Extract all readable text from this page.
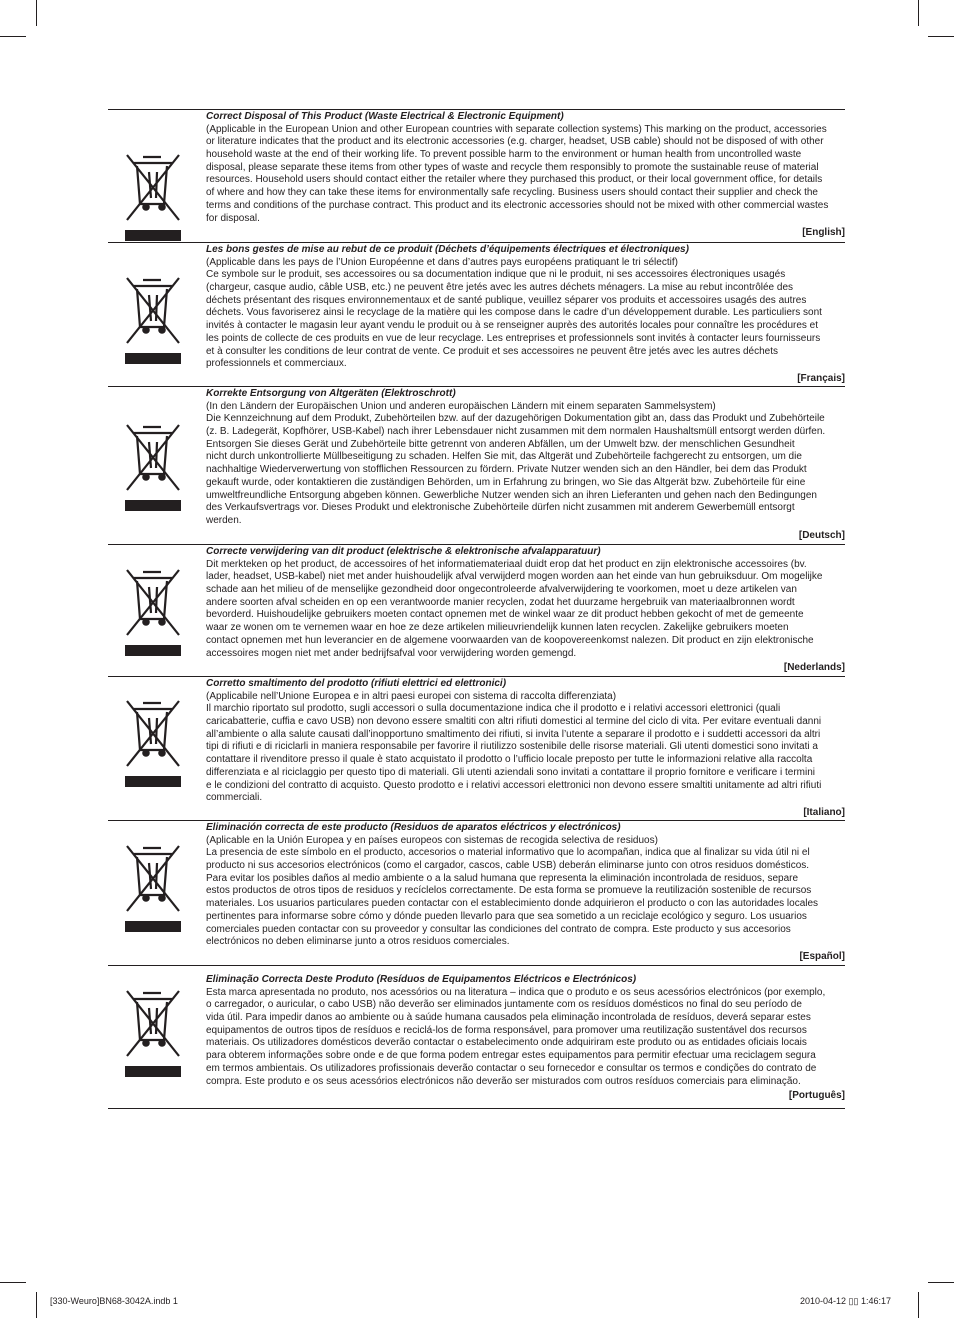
Correct Disposal of This Product (Waste Electrical & Electronic Equipment)
(Applicable in the European Union and other European countries with separate collection systems) This marking on the product, accessories
or literature indicates that the product and its electronic accessories (e.g. charger, headset, USB cable) should not be disposed of with other
household waste at the end of their working life. To prevent possible harm to the environment or human health from uncontrolled waste
disposal, please separate these items from other types of waste and recycle them responsibly to promote the sustainable reuse of material
resources. Household users should contact either the retailer where they purchased this product, or their local government office, for details
of where and how they can take these items for environmentally safe recycling. Business users should contact their supplier and check the
terms and conditions of the purchase contract. This product and its electronic accessories should not be mixed with other commercial wastes
for disposal.
[English]
Les bons gestes de mise au rebut de ce produit (Déchets d’équipements électriques et électroniques)
(Applicable dans les pays de l’Union Européenne et dans d’autres pays européens pratiquant le tri sélectif)
Ce symbole sur le produit, ses accessoires ou sa documentation indique que ni le produit, ni ses accessoires électroniques usagés
(chargeur, casque audio, câble USB, etc.) ne peuvent être jetés avec les autres déchets ménagers. La mise au rebut incontrôlée des
déchets présentant des risques environnementaux et de santé publique, veuillez séparer vos produits et accessoires usagés des autres
déchets. Vous favoriserez ainsi le recyclage de la matière qui les compose dans le cadre d’un développement durable. Les particuliers sont
invités à contacter le magasin leur ayant vendu le produit ou à se renseigner auprès des autorités locales pour connaître les procédures et
les points de collecte de ces produits en vue de leur recyclage. Les entreprises et professionnels sont invités à contacter leurs fournisseurs
et à consulter les conditions de leur contrat de vente. Ce produit et ses accessoires ne peuvent être jetés avec les autres déchets
professionnels et commerciaux.
[Français]
Korrekte Entsorgung von Altgeräten (Elektroschrott)
(In den Ländern der Europäischen Union und anderen europäischen Ländern mit einem separaten Sammelsystem)
Die Kennzeichnung auf dem Produkt, Zubehörteilen bzw. auf der dazugehörigen Dokumentation gibt an, dass das Produkt und Zubehörteile
(z. B. Ladegerät, Kopfhörer, USB-Kabel) nach ihrer Lebensdauer nicht zusammen mit dem normalen Haushaltsmüll entsorgt werden dürfen.
Entsorgen Sie dieses Gerät und Zubehörteile bitte getrennt von anderen Abfällen, um der Umwelt bzw. der menschlichen Gesundheit
nicht durch unkontrollierte Müllbeseitigung zu schaden. Helfen Sie mit, das Altgerät und Zubehörteile fachgerecht zu entsorgen, um die
nachhaltige Wiederverwertung von stofflichen Ressourcen zu fördern. Private Nutzer wenden sich an den Händler, bei dem das Produkt
gekauft wurde, oder kontaktieren die zuständigen Behörden, um in Erfahrung zu bringen, wo Sie das Altgerät bzw. Zubehörteile für eine
umweltfreundliche Entsorgung abgeben können. Gewerbliche Nutzer wenden sich an ihren Lieferanten und gehen nach den Bedingungen
des Verkaufsvertrags vor. Dieses Produkt und elektronische Zubehörteile dürfen nicht zusammen mit anderem Gewerbemüll entsorgt
werden.
[Deutsch]
Correcte verwijdering van dit product (elektrische & elektronische afvalapparatuur)
Dit merkteken op het product, de accessoires of het informatiemateriaal duidt erop dat het product en zijn elektronische accessoires (bv.
lader, headset, USB-kabel) niet met ander huishoudelijk afval verwijderd mogen worden aan het einde van hun gebruiksduur. Om mogelijke
schade aan het milieu of de menselijke gezondheid door ongecontroleerde afvalverwijdering te voorkomen, moet u deze artikelen van
andere soorten afval scheiden en op een verantwoorde manier recyclen, zodat het duurzame hergebruik van materiaalbronnen wordt
bevorderd. Huishoudelijke gebruikers moeten contact opnemen met de winkel waar ze dit product hebben gekocht of met de gemeente
waar ze wonen om te vernemen waar en hoe ze deze artikelen milieuvriendelijk kunnen laten recyclen. Zakelijke gebruikers moeten
contact opnemen met hun leverancier en de algemene voorwaarden van de koopovereenkomst nalezen. Dit product en zijn elektronische
accessoires mogen niet met ander bedrijfsafval voor verwijdering worden gemengd.
[Nederlands]
Corretto smaltimento del prodotto (rifiuti elettrici ed elettronici)
(Applicabile nell’Unione Europea e in altri paesi europei con sistema di raccolta differenziata)
Il marchio riportato sul prodotto, sugli accessori o sulla documentazione indica che il prodotto e i relativi accessori elettronici (quali
caricabatterie, cuffia e cavo USB) non devono essere smaltiti con altri rifiuti domestici al termine del ciclo di vita. Per evitare eventuali danni
all’ambiente o alla salute causati dall’inopportuno smaltimento dei rifiuti, si invita l’utente a separare il prodotto e i suddetti accessori da altri
tipi di rifiuti e di riciclarli in maniera responsabile per favorire il riutilizzo sostenibile delle risorse materiali. Gli utenti domestici sono invitati a
contattare il rivenditore presso il quale è stato acquistato il prodotto o l’ufficio locale preposto per tutte le informazioni relative alla raccolta
differenziata e al riciclaggio per questo tipo di materiali. Gli utenti aziendali sono invitati a contattare il proprio fornitore e verificare i termini
e le condizioni del contratto di acquisto. Questo prodotto e i relativi accessori elettronici non devono essere smaltiti unitamente ad altri rifiuti
commerciali.
[Italiano]
Eliminación correcta de este producto (Residuos de aparatos eléctricos y electrónicos)
(Aplicable en la Unión Europea y en países europeos con sistemas de recogida selectiva de residuos)
La presencia de este símbolo en el producto, accesorios o material informativo que lo acompañan, indica que al finalizar su vida útil ni el
producto ni sus accesorios electrónicos (como el cargador, cascos, cable USB) deberán eliminarse junto con otros residuos domésticos.
Para evitar los posibles daños al medio ambiente o a la salud humana que representa la eliminación incontrolada de residuos, separe
estos productos de otros tipos de residuos y recíclelos correctamente. De esta forma se promueve la reutilización sostenible de recursos
materiales. Los usuarios particulares pueden contactar con el establecimiento donde adquirieron el producto o con las autoridades locales
pertinentes para informarse sobre cómo y dónde pueden llevarlo para que sea sometido a un reciclaje ecológico y seguro. Los usuarios
comerciales pueden contactar con su proveedor y consultar las condiciones del contrato de compra. Este producto y sus accesorios
electrónicos no deben eliminarse junto a otros residuos comerciales.
[Español]
Eliminação Correcta Deste Produto (Resíduos de Equipamentos Eléctricos e Electrónicos)
Esta marca apresentada no produto, nos acessórios ou na literatura – indica que o produto e os seus acessórios electrónicos (por exemplo,
o carregador, o auricular, o cabo USB) não deverão ser eliminados juntamente com os resíduos domésticos no final do seu período de
vida útil. Para impedir danos ao ambiente ou à saúde humana causados pela eliminação incontrolada de resíduos, deverá separar estes
equipamentos de outros tipos de resíduos e reciclá-los de forma responsável, para promover uma reutilização sustentável dos recursos
materiais. Os utilizadores domésticos deverão contactar o estabelecimento onde adquiriram este produto ou as entidades oficiais locais
para obterem informações sobre onde e de que forma podem entregar estes equipamentos para permitir efectuar uma reciclagem segura
em termos ambientais. Os utilizadores profissionais deverão contactar o seu fornecedor e consultar os termos e condições do contrato de
compra. Este produto e os seus acessórios electrónicos não deverão ser misturados com outros resíduos comerciais para eliminação.
[Português]
[330-Weuro]BN68-3042A.indb 1	2010-04-12 ▯▯ 1:46:17
